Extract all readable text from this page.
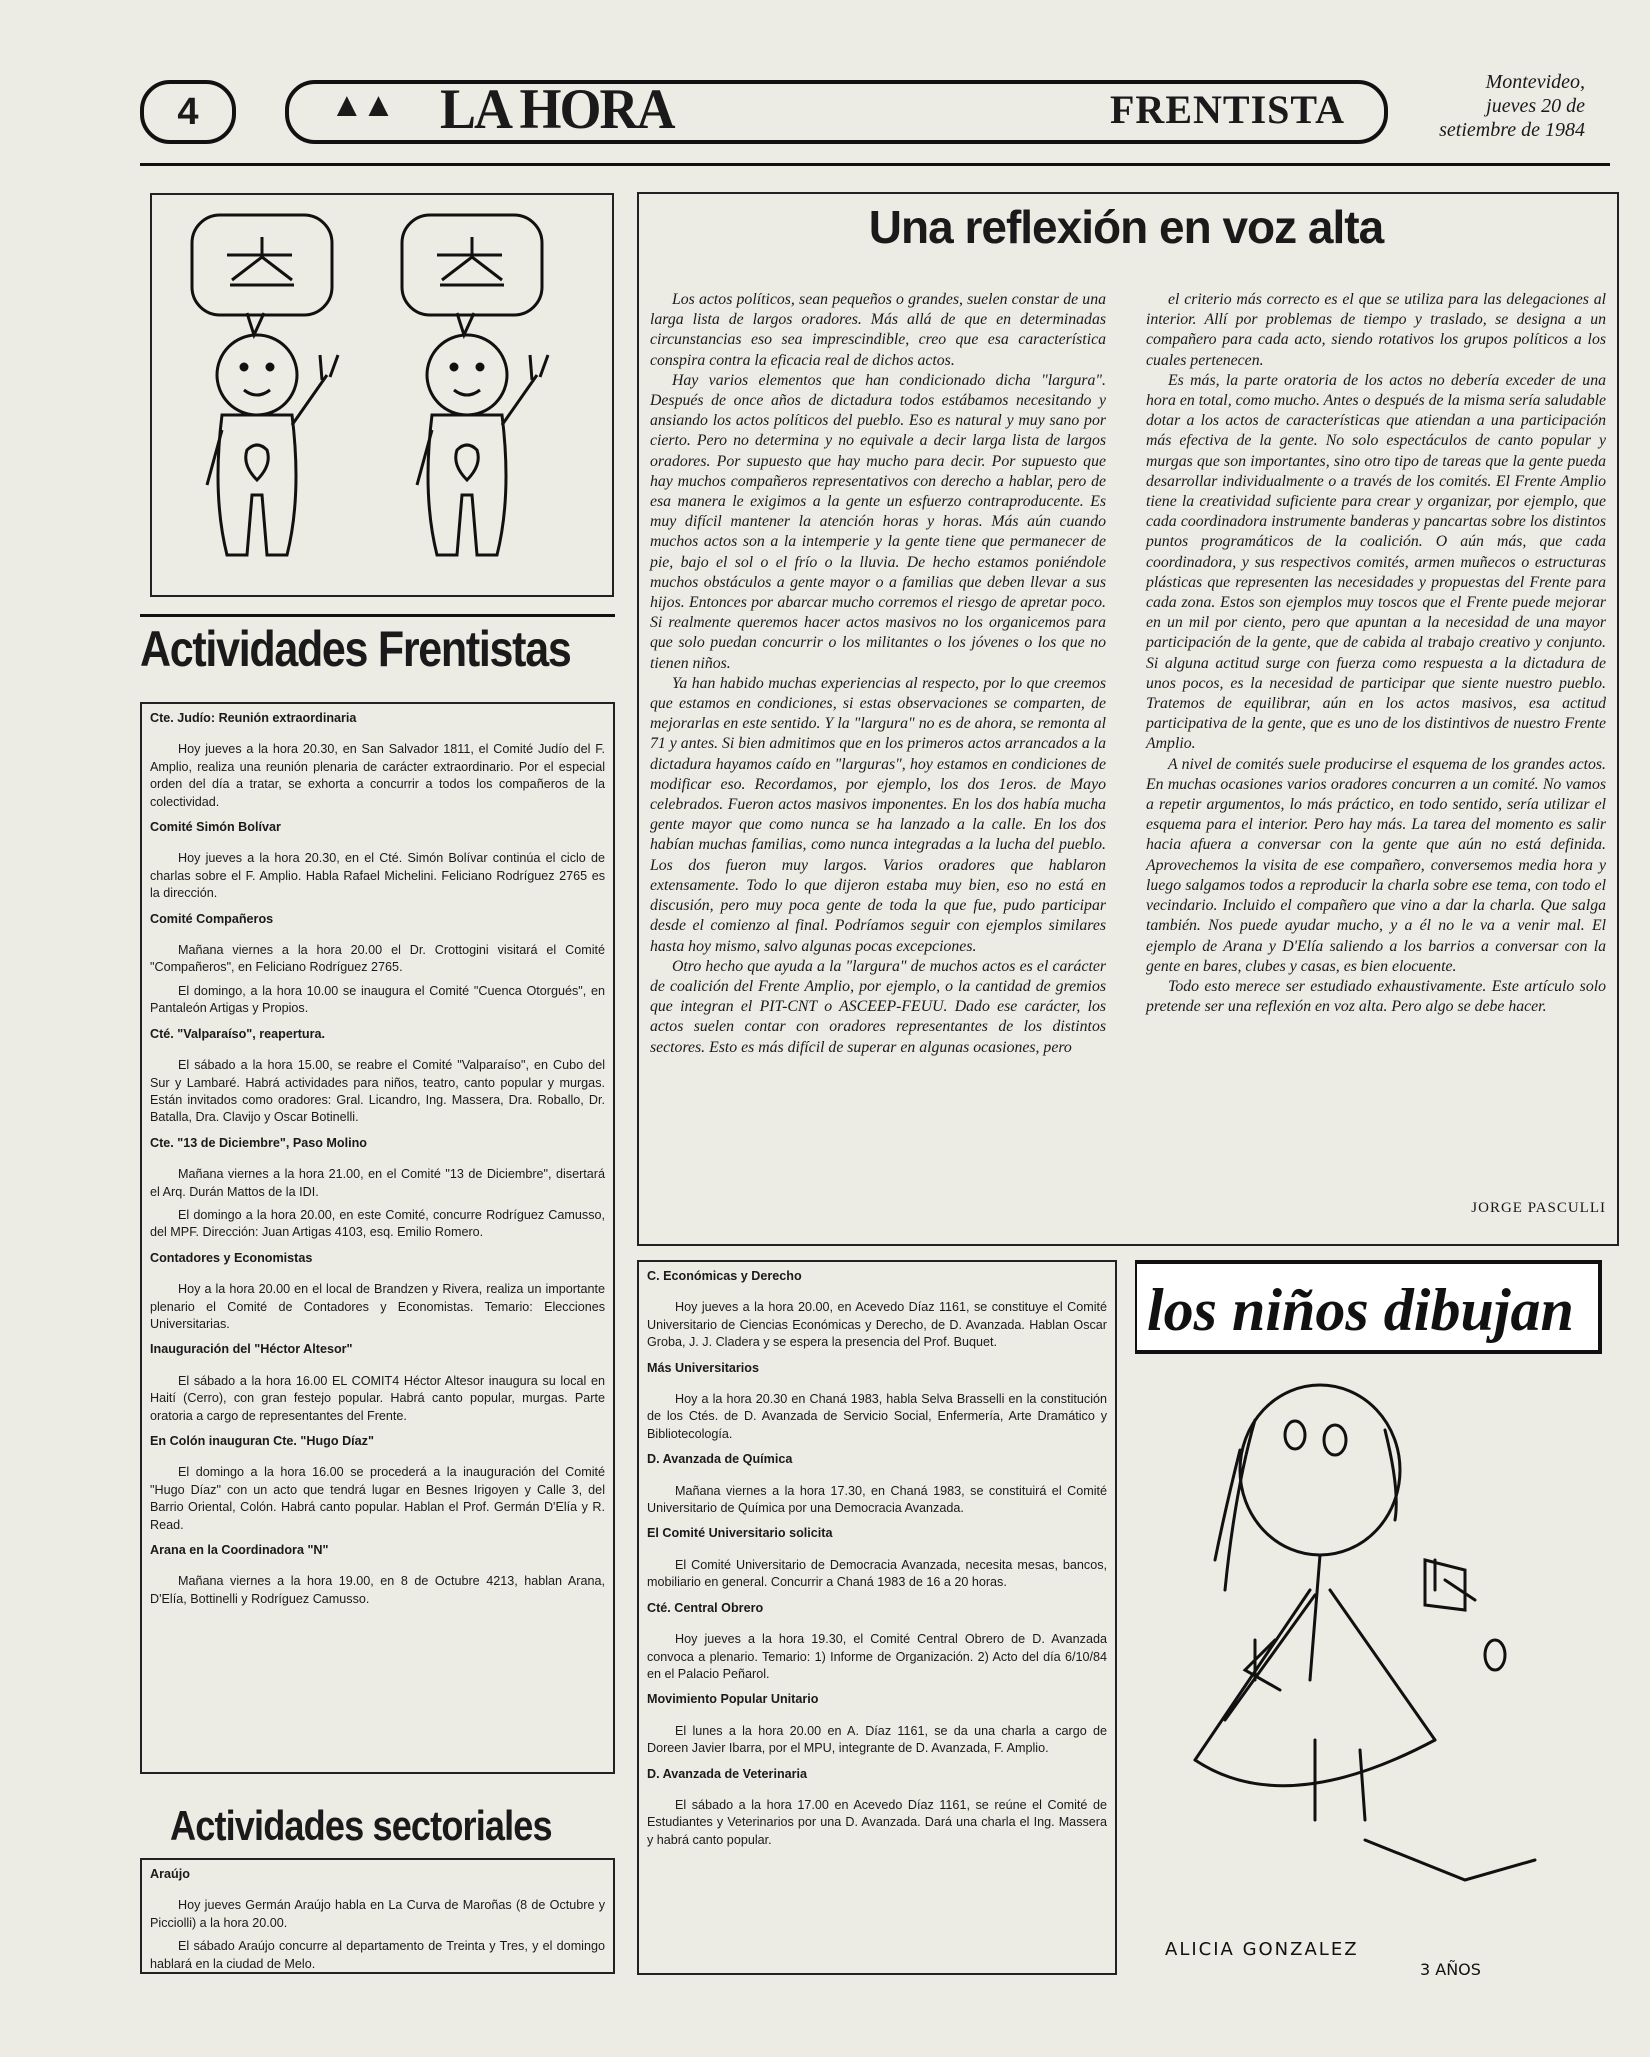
4	▲▲ LA HORA	FRENTISTA
Montevideo,
jueves 20 de
setiembre de 1984
Actividades Frentistas
Cte. Judío: Reunión extraordinaria

Hoy jueves a la hora 20.30, en San Salvador 1811, el Comité Judío del F. Amplio, realiza una reunión plenaria de carácter extraordinario. Por el especial orden del día a tratar, se exhorta a concurrir a todos los compañeros de la colectividad.

Comité Simón Bolívar

Hoy jueves a la hora 20.30, en el Cté. Simón Bolívar continúa el ciclo de charlas sobre el F. Amplio. Habla Rafael Michelini. Feliciano Rodríguez 2765 es la dirección.

Comité Compañeros

Mañana viernes a la hora 20.00 el Dr. Crottogini visitará el Comité "Compañeros", en Feliciano Rodríguez 2765.

El domingo, a la hora 10.00 se inaugura el Comité "Cuenca Otorgués", en Pantaleón Artigas y Propios.

Cté. "Valparaíso", reapertura.

El sábado a la hora 15.00, se reabre el Comité "Valparaíso", en Cubo del Sur y Lambaré. Habrá actividades para niños, teatro, canto popular y murgas. Están invitados como oradores: Gral. Licandro, Ing. Massera, Dra. Roballo, Dr. Batalla, Dra. Clavijo y Oscar Botinelli.

Cte. "13 de Diciembre", Paso Molino

Mañana viernes a la hora 21.00, en el Comité "13 de Diciembre", disertará el Arq. Durán Mattos de la IDI.

El domingo a la hora 20.00, en este Comité, concurre Rodríguez Camusso, del MPF. Dirección: Juan Artigas 4103, esq. Emilio Romero.

Contadores y Economistas

Hoy a la hora 20.00 en el local de Brandzen y Rivera, realiza un importante plenario el Comité de Contadores y Economistas. Temario: Elecciones Universitarias.

Inauguración del "Héctor Altesor"

El sábado a la hora 16.00 EL COMIT4 Héctor Altesor inaugura su local en Haití (Cerro), con gran festejo popular. Habrá canto popular, murgas. Parte oratoria a cargo de representantes del Frente.

En Colón inauguran Cte. "Hugo Díaz"

El domingo a la hora 16.00 se procederá a la inauguración del Comité "Hugo Díaz" con un acto que tendrá lugar en Besnes Irigoyen y Calle 3, del Barrio Oriental, Colón. Habrá canto popular. Hablan el Prof. Germán D'Elía y R. Read.

Arana en la Coordinadora "N"

Mañana viernes a la hora 19.00, en 8 de Octubre 4213, hablan Arana, D'Elía, Bottinelli y Rodríguez Camusso.

Actividades sectoriales
Araújo

Hoy jueves Germán Araújo habla en La Curva de Maroñas (8 de Octubre y Picciolli) a la hora 20.00.

El sábado Araújo concurre al departamento de Treinta y Tres, y el domingo hablará en la ciudad de Melo.

C. Económicas y Derecho

Hoy jueves a la hora 20.00, en Acevedo Díaz 1161, se constituye el Comité Universitario de Ciencias Económicas y Derecho, de D. Avanzada. Hablan Oscar Groba, J. J. Cladera y se espera la presencia del Prof. Buquet.

Más Universitarios

Hoy a la hora 20.30 en Chaná 1983, habla Selva Brasselli en la constitución de los Ctés. de D. Avanzada de Servicio Social, Enfermería, Arte Dramático y Bibliotecología.

D. Avanzada de Química

Mañana viernes a la hora 17.30, en Chaná 1983, se constituirá el Comité Universitario de Química por una Democracia Avanzada.

El Comité Universitario solicita

El Comité Universitario de Democracia Avanzada, necesita mesas, bancos, mobiliario en general. Concurrir a Chaná 1983 de 16 a 20 horas.

Cté. Central Obrero

Hoy jueves a la hora 19.30, el Comité Central Obrero de D. Avanzada convoca a plenario. Temario: 1) Informe de Organización. 2) Acto del día 6/10/84 en el Palacio Peñarol.

Movimiento Popular Unitario

El lunes a la hora 20.00 en A. Díaz 1161, se da una charla a cargo de Doreen Javier Ibarra, por el MPU, integrante de D. Avanzada, F. Amplio.

D. Avanzada de Veterinaria

El sábado a la hora 17.00 en Acevedo Díaz 1161, se reúne el Comité de Estudiantes y Veterinarios por una D. Avanzada. Dará una charla el Ing. Massera y habrá canto popular.

Una reflexión en voz alta

Los actos políticos, sean pequeños o grandes, suelen constar de una larga lista de largos oradores. Más allá de que en determinadas circunstancias eso sea imprescindible, creo que esa característica conspira contra la eficacia real de dichos actos.

Hay varios elementos que han condicionado dicha "largura". Después de once años de dictadura todos estábamos necesitando y ansiando los actos políticos del pueblo. Eso es natural y muy sano por cierto. Pero no determina y no equivale a decir larga lista de largos oradores. Por supuesto que hay mucho para decir. Por supuesto que hay muchos compañeros representativos con derecho a hablar, pero de esa manera le exigimos a la gente un esfuerzo contraproducente. Es muy difícil mantener la atención horas y horas. Más aún cuando muchos actos son a la intemperie y la gente tiene que permanecer de pie, bajo el sol o el frío o la lluvia. De hecho estamos poniéndole muchos obstáculos a gente mayor o a familias que deben llevar a sus hijos. Entonces por abarcar mucho corremos el riesgo de apretar poco. Si realmente queremos hacer actos masivos no los organicemos para que solo puedan concurrir o los militantes o los jóvenes o los que no tienen niños.

Ya han habido muchas experiencias al respecto, por lo que creemos que estamos en condiciones, si estas observaciones se comparten, de mejorarlas en este sentido. Y la "largura" no es de ahora, se remonta al 71 y antes. Si bien admitimos que en los primeros actos arrancados a la dictadura hayamos caído en "larguras", hoy estamos en condiciones de modificar eso. Recordamos, por ejemplo, los dos 1eros. de Mayo celebrados. Fueron actos masivos imponentes. En los dos había mucha gente mayor que como nunca se ha lanzado a la calle. En los dos habían muchas familias, como nunca integradas a la lucha del pueblo. Los dos fueron muy largos. Varios oradores que hablaron extensamente. Todo lo que dijeron estaba muy bien, eso no está en discusión, pero muy poca gente de toda la que fue, pudo participar desde el comienzo al final. Podríamos seguir con ejemplos similares hasta hoy mismo, salvo algunas pocas excepciones.

Otro hecho que ayuda a la "largura" de muchos actos es el carácter de coalición del Frente Amplio, por ejemplo, o la cantidad de gremios que integran el PIT-CNT o ASCEEP-FEUU. Dado ese carácter, los actos suelen contar con oradores representantes de los distintos sectores. Esto es más difícil de superar en algunas ocasiones, pero

el criterio más correcto es el que se utiliza para las delegaciones al interior. Allí por problemas de tiempo y traslado, se designa a un compañero para cada acto, siendo rotativos los grupos políticos a los cuales pertenecen.

Es más, la parte oratoria de los actos no debería exceder de una hora en total, como mucho. Antes o después de la misma sería saludable dotar a los actos de características que atiendan a una participación más efectiva de la gente. No solo espectáculos de canto popular y murgas que son importantes, sino otro tipo de tareas que la gente pueda desarrollar individualmente o a través de los comités. El Frente Amplio tiene la creatividad suficiente para crear y organizar, por ejemplo, que cada coordinadora instrumente banderas y pancartas sobre los distintos puntos programáticos de la coalición. O aún más, que cada coordinadora, y sus respectivos comités, armen muñecos o estructuras plásticas que representen las necesidades y propuestas del Frente para cada zona. Estos son ejemplos muy toscos que el Frente puede mejorar en un mil por ciento, pero que apuntan a la necesidad de una mayor participación de la gente, que de cabida al trabajo creativo y conjunto. Si alguna actitud surge con fuerza como respuesta a la dictadura de unos pocos, es la necesidad de participar que siente nuestro pueblo. Tratemos de equilibrar, aún en los actos masivos, esa actitud participativa de la gente, que es uno de los distintivos de nuestro Frente Amplio.

A nivel de comités suele producirse el esquema de los grandes actos. En muchas ocasiones varios oradores concurren a un comité. No vamos a repetir argumentos, lo más práctico, en todo sentido, sería utilizar el esquema para el interior. Pero hay más. La tarea del momento es salir hacia afuera a conversar con la gente que aún no está definida. Aprovechemos la visita de ese compañero, conversemos media hora y luego salgamos todos a reproducir la charla sobre ese tema, con todo el vecindario. Incluido el compañero que vino a dar la charla. Que salga también. Nos puede ayudar mucho, y a él no le va a venir mal. El ejemplo de Arana y D'Elía saliendo a los barrios a conversar con la gente en bares, clubes y casas, es bien elocuente.

Todo esto merece ser estudiado exhaustivamente. Este artículo solo pretende ser una reflexión en voz alta. Pero algo se debe hacer.

JORGE PASCULLI
los niños dibujan
ALICIA GONZALEZ
3 AÑOS
